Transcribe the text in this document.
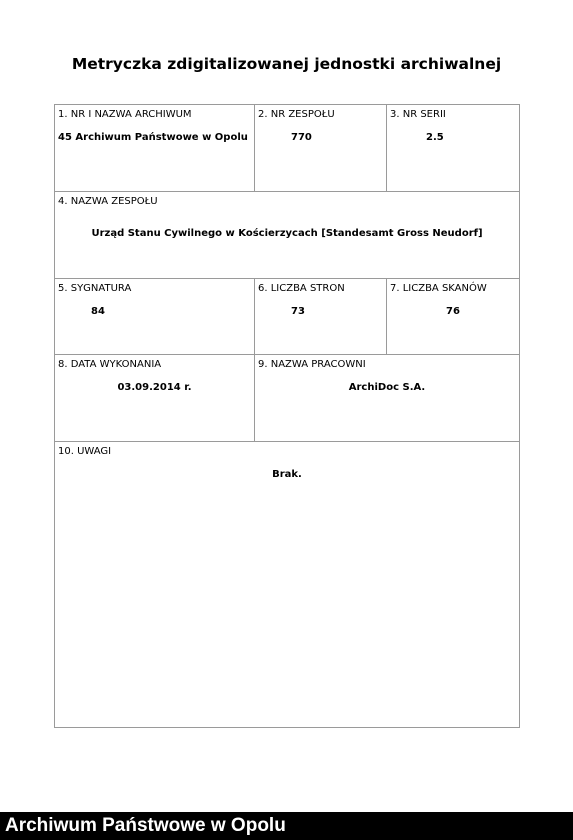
Metryczka zdigitalizowanej jednostki archiwalnej
1. NR I NAZWA ARCHIWUM
45 Archiwum Państwowe w Opolu	2. NR ZESPOŁU
770	3. NR SERII
2.5

4. NAZWA ZESPOŁU
Urząd Stanu Cywilnego w Kościerzycach [Standesamt Gross Neudorf]		

5. SYGNATURA
84	6. LICZBA STRON
73	7. LICZBA SKANÓW
76

8. DATA WYKONANIA
03.09.2014 r.	9. NAZWA PRACOWNI
ArchiDoc S.A.	

10. UWAGI
Brak.		
Archiwum Państwowe w Opolu
